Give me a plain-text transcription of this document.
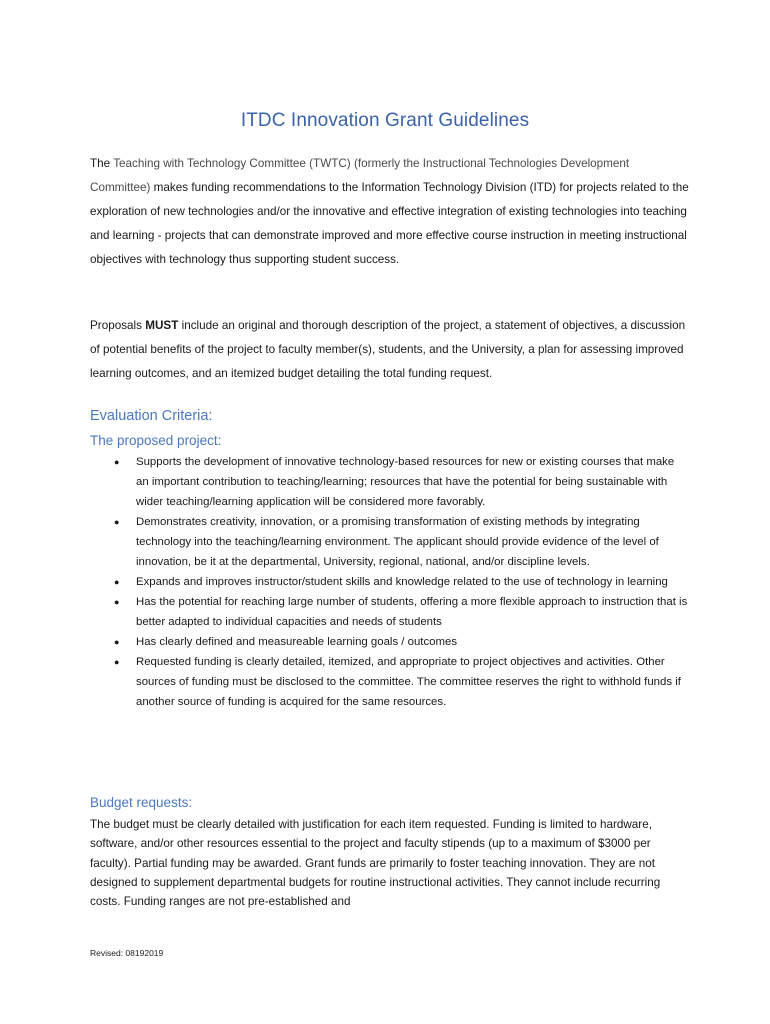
ITDC Innovation Grant Guidelines

The Teaching with Technology Committee (TWTC) (formerly the Instructional Technologies Development Committee) makes funding recommendations to the Information Technology Division (ITD) for projects related to the exploration of new technologies and/or the innovative and effective integration of existing technologies into teaching and learning - projects that can demonstrate improved and more effective course instruction in meeting instructional objectives with technology thus supporting student success.

Proposals MUST include an original and thorough description of the project, a statement of objectives, a discussion of potential benefits of the project to faculty member(s), students, and the University, a plan for assessing improved learning outcomes, and an itemized budget detailing the total funding request.

Evaluation Criteria:
The proposed project:
● Supports the development of innovative technology-based resources for new or existing courses that make an important contribution to teaching/learning; resources that have the potential for being sustainable with wider teaching/learning application will be considered more favorably.
● Demonstrates creativity, innovation, or a promising transformation of existing methods by integrating technology into the teaching/learning environment. The applicant should provide evidence of the level of innovation, be it at the departmental, University, regional, national, and/or discipline levels.
● Expands and improves instructor/student skills and knowledge related to the use of technology in learning
● Has the potential for reaching large number of students, offering a more flexible approach to instruction that is better adapted to individual capacities and needs of students
● Has clearly defined and measureable learning goals / outcomes
● Requested funding is clearly detailed, itemized, and appropriate to project objectives and activities. Other sources of funding must be disclosed to the committee. The committee reserves the right to withhold funds if another source of funding is acquired for the same resources.
Budget requests:

The budget must be clearly detailed with justification for each item requested. Funding is limited to hardware, software, and/or other resources essential to the project and faculty stipends (up to a maximum of $3000 per faculty). Partial funding may be awarded. Grant funds are primarily to foster teaching innovation. They are not designed to supplement departmental budgets for routine instructional activities. They cannot include recurring costs. Funding ranges are not pre-established and

Revised: 08192019
